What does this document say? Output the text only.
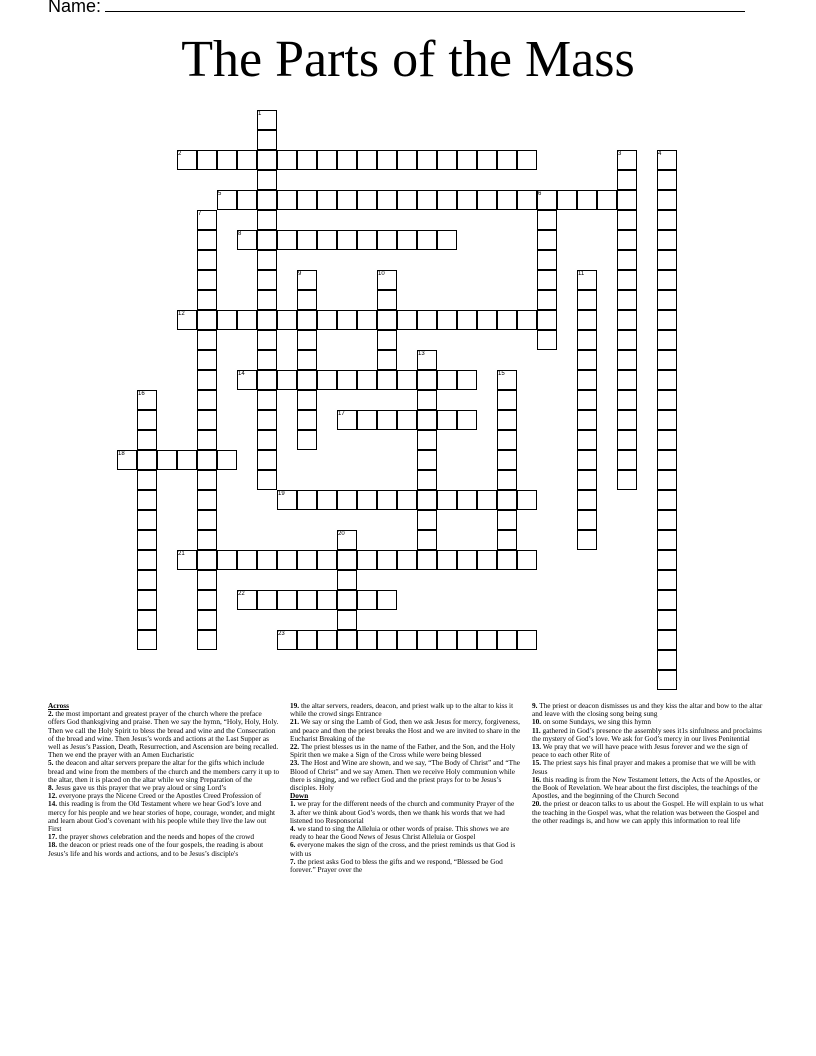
Name:
The Parts of the Mass
2
5
8
12
14
17
18
19
21
22
23
1
3	4
6
7
9	10	11
13
15
16
20

Across

2. the most important and greatest prayer of the church where the preface offers God thanksgiving and praise. Then we say the hymn, “Holy, Holy, Holy. Then we call the Holy Spirit to bless the bread and wine and the Consecration of the bread and wine. Then Jesus’s words and actions at the Last Supper as well as Jesus’s Passion, Death, Resurrection, and Ascension are being recalled. Then we end the prayer with an Amen Eucharistic

5. the deacon and altar servers prepare the altar for the gifts which include bread and wine from the members of the church and the members carry it up to the altar, then it is placed on the altar while we sing Preparation of the

8. Jesus gave us this prayer that we pray aloud or sing Lord’s

12. everyone prays the Nicene Creed or the Apostles Creed Profession of

14. this reading is from the Old Testament where we hear God’s love and mercy for his people and we hear stories of hope, courage, wonder, and might and learn about God’s covenant with his people while they live the law out First

17. the prayer shows celebration and the needs and hopes of the crowd

18. the deacon or priest reads one of the four gospels, the reading is about Jesus’s life and his words and actions, and to be Jesus’s disciple's

19. the altar servers, readers, deacon, and priest walk up to the altar to kiss it while the crowd sings Entrance

21. We say or sing the Lamb of God, then we ask Jesus for mercy, forgiveness, and peace and then the priest breaks the Host and we are invited to share in the Eucharist Breaking of the

22. The priest blesses us in the name of the Father, and the Son, and the Holy Spirit then we make a Sign of the Cross while were being blessed

23. The Host and Wine are shown, and we say, “The Body of Christ” and “The Blood of Christ” and we say Amen. Then we receive Holy communion while there is singing, and we reflect God and the priest prays for to be Jesus’s disciples. Holy

Down

1. we pray for the different needs of the church and community Prayer of the

3. after we think about God’s words, then we thank his words that we had listened too Responsorial

4. we stand to sing the Alleluia or other words of praise. This shows we are ready to hear the Good News of Jesus Christ Alleluia or Gospel

6. everyone makes the sign of the cross, and the priest reminds us that God is with us

7. the priest asks God to bless the gifts and we respond, “Blessed be God forever.” Prayer over the

9. The priest or deacon dismisses us and they kiss the altar and bow to the altar and leave with the closing song being sung

10. on some Sundays, we sing this hymn

11. gathered in God’s presence the assembly sees it1s sinfulness and proclaims the mystery of God’s love. We ask for God’s mercy in our lives Penitential

13. We pray that we will have peace with Jesus forever and we the sign of peace to each other Rite of

15. The priest says his final prayer and makes a promise that we will be with Jesus

16. this reading is from the New Testament letters, the Acts of the Apostles, or the Book of Revelation. We hear about the first disciples, the teachings of the Apostles, and the beginning of the Church Second

20. the priest or deacon talks to us about the Gospel. He will explain to us what the teaching in the Gospel was, what the relation was between the Gospel and the other readings is, and how we can apply this information to real life
